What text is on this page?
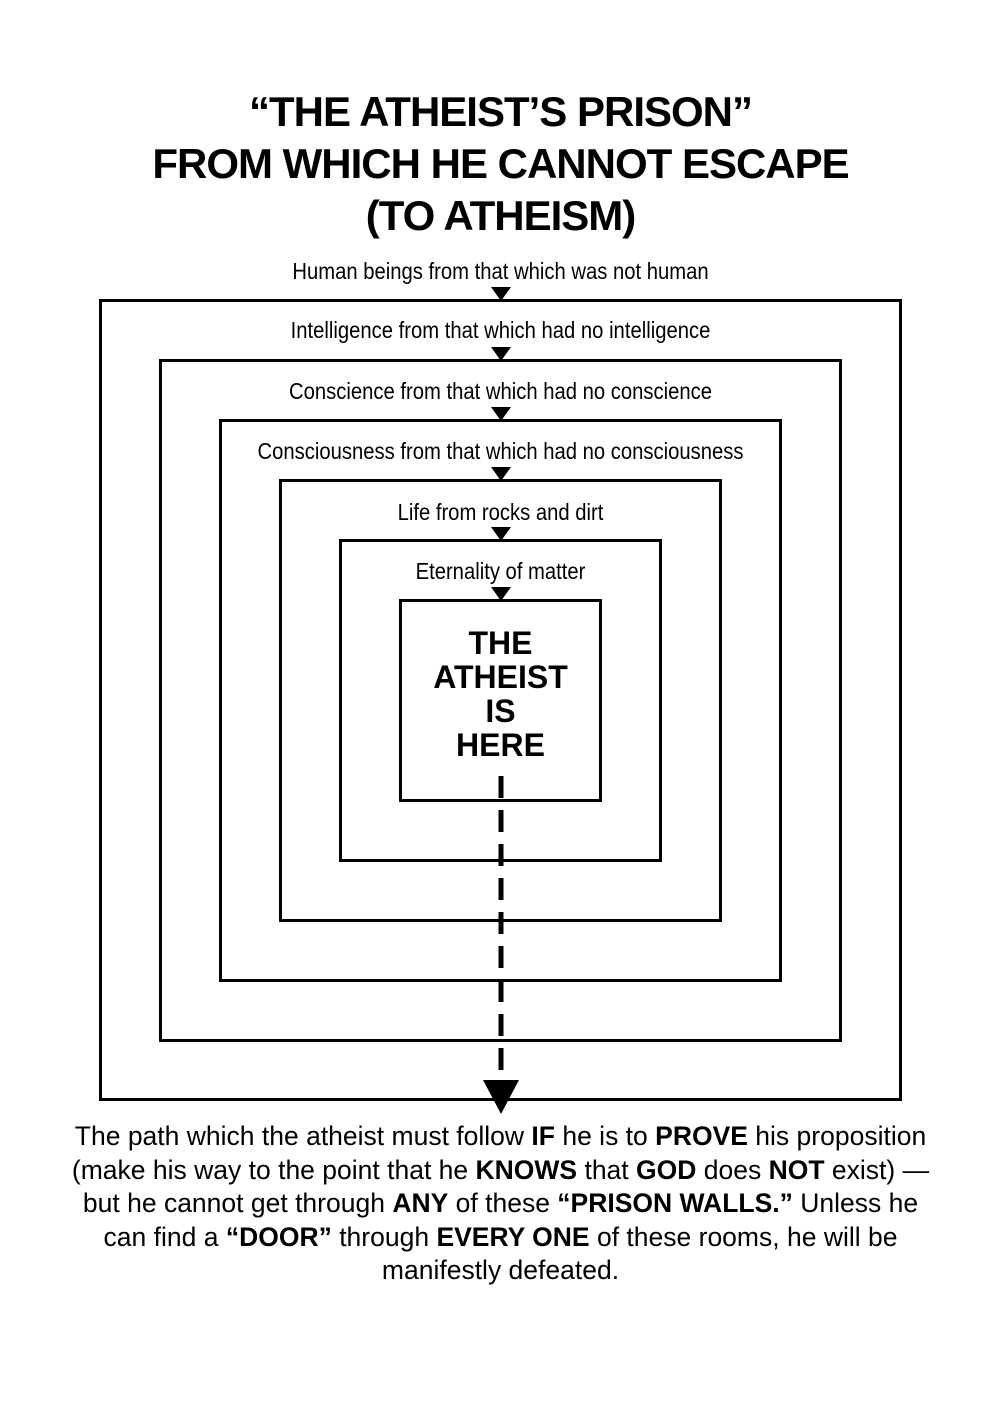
“THE ATHEIST’S PRISON”
FROM WHICH HE CANNOT ESCAPE
(TO ATHEISM)
Human beings from that which was not human
Intelligence from that which had no intelligence
Conscience from that which had no conscience
Consciousness from that which had no consciousness
Life from rocks and dirt
Eternality of matter
THE
ATHEIST
IS
HERE
The path which the atheist must follow IF he is to PROVE his proposition (make his way to the point that he KNOWS that GOD does NOT exist) — but he cannot get through ANY of these “PRISON WALLS.” Unless he can find a “DOOR” through EVERY ONE of these rooms, he will be manifestly defeated.
